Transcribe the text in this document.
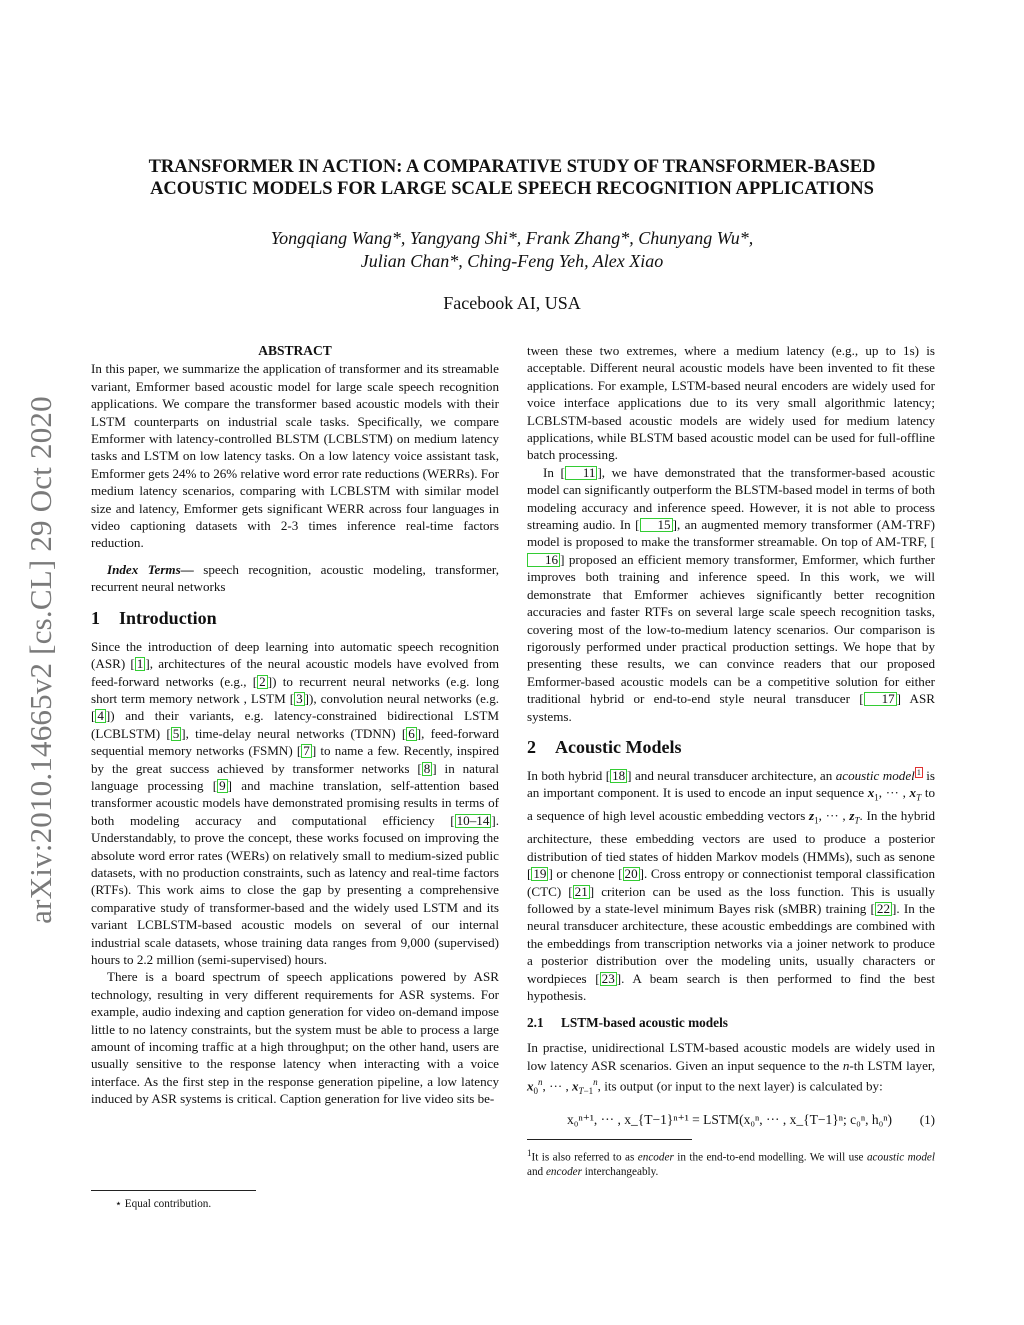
arXiv:2010.14665v2 [cs.CL] 29 Oct 2020
TRANSFORMER IN ACTION: A COMPARATIVE STUDY OF TRANSFORMER-BASED
ACOUSTIC MODELS FOR LARGE SCALE SPEECH RECOGNITION APPLICATIONS
Yongqiang Wang*, Yangyang Shi*, Frank Zhang*, Chunyang Wu*,
Julian Chan*, Ching-Feng Yeh, Alex Xiao
Facebook AI, USA
ABSTRACT

In this paper, we summarize the application of transformer and its streamable variant, Emformer based acoustic model for large scale speech recognition applications. We compare the transformer based acoustic models with their LSTM counterparts on industrial scale tasks. Specifically, we compare Emformer with latency-controlled BLSTM (LCBLSTM) on medium latency tasks and LSTM on low latency tasks. On a low latency voice assistant task, Emformer gets 24% to 26% relative word error rate reductions (WERRs). For medium latency scenarios, comparing with LCBLSTM with similar model size and latency, Emformer gets significant WERR across four languages in video captioning datasets with 2-3 times inference real-time factors reduction.

Index Terms— speech recognition, acoustic modeling, transformer, recurrent neural networks

1 Introduction

Since the introduction of deep learning into automatic speech recognition (ASR) [ 1 ], architectures of the neural acoustic models have evolved from feed-forward networks (e.g., [ 2 ]) to recurrent neural networks (e.g. long short term memory network , LSTM [ 3 ]), convolution neural networks (e.g. [ 4 ]) and their variants, e.g. latency-constrained bidirectional LSTM (LCBLSTM) [ 5 ], time-delay neural networks (TDNN) [ 6 ], feed-forward sequential memory networks (FSMN) [ 7 ] to name a few. Recently, inspired by the great success achieved by transformer networks [ 8 ] in natural language processing [ 9 ] and machine translation, self-attention based transformer acoustic models have demonstrated promising results in terms of both modeling accuracy and computational efficiency [ 10–14 ]. Understandably, to prove the concept, these works focused on improving the absolute word error rates (WERs) on relatively small to medium-sized public datasets, with no production constraints, such as latency and real-time factors (RTFs). This work aims to close the gap by presenting a comprehensive comparative study of transformer-based and the widely used LSTM and its variant LCBLSTM-based acoustic models on several of our internal industrial scale datasets, whose training data ranges from 9,000 (supervised) hours to 2.2 million (semi-supervised) hours.

There is a board spectrum of speech applications powered by ASR technology, resulting in very different requirements for ASR systems. For example, audio indexing and caption generation for video on-demand impose little to no latency constraints, but the system must be able to process a large amount of incoming traffic at a high throughput; on the other hand, users are usually sensitive to the response latency when interacting with a voice interface. As the first step in the response generation pipeline, a low latency induced by ASR systems is critical. Caption generation for live video sits be-

⋆ Equal contribution.

tween these two extremes, where a medium latency (e.g., up to 1s) is acceptable. Different neural acoustic models have been invented to fit these applications. For example, LSTM-based neural encoders are widely used for voice interface applications due to its very small algorithmic latency; LCBLSTM-based acoustic models are widely used for medium latency applications, while BLSTM based acoustic model can be used for full-offline batch processing.

In [ 11 ], we have demonstrated that the transformer-based acoustic model can significantly outperform the BLSTM-based model in terms of both modeling accuracy and inference speed. However, it is not able to process streaming audio. In [ 15 ], an augmented memory transformer (AM-TRF) model is proposed to make the transformer streamable. On top of AM-TRF, [16 ] proposed an efficient memory transformer, Emformer, which further improves both training and inference speed. In this work, we will demonstrate that Emformer achieves significantly better recognition accuracies and faster RTFs on several large scale speech recognition tasks, covering most of the low-to-medium latency scenarios. Our comparison is rigorously performed under practical production settings. We hope that by presenting these results, we can convince readers that our proposed Emformer-based acoustic models can be a competitive solution for either traditional hybrid or end-to-end style neural transducer [ 17 ] ASR systems.

2 Acoustic Models

In both hybrid [ 18 ] and neural transducer architecture, an acoustic model $^1$ is an important component. It is used to encode an input sequence $x_1$, ··· , $x_T$ to a sequence of high level acoustic embedding vectors $z_1$, ··· , $z_T$. In the hybrid architecture, these embedding vectors are used to produce a posterior distribution of tied states of hidden Markov models (HMMs), such as senone [ 19 ] or chenone [ 20 ]. Cross entropy or connectionist temporal classification (CTC) [ 21 ] criterion can be used as the loss function. This is usually followed by a state-level minimum Bayes risk (sMBR) training [ 22 ]. In the neural transducer architecture, these acoustic embeddings are combined with the embeddings from transcription networks via a joiner network to produce a posterior distribution over the modeling units, usually characters or wordpieces [ 23 ]. A beam search is then performed to find the best hypothesis.

2.1 LSTM-based acoustic models

In practise, unidirectional LSTM-based acoustic models are widely used in low latency ASR scenarios. Given an input sequence to the n-th LSTM layer, $x_0^n$, ··· , $x_{T-1}^n$, its output (or input to the next layer) is calculated by:

x₀ⁿ⁺¹, ··· , x_{T−1}ⁿ⁺¹ = LSTM(x₀ⁿ, ··· , x_{T−1}ⁿ; c₀ⁿ, h₀ⁿ) (1)
$^1$It is also referred to as encoder in the end-to-end modelling. We will use acoustic model and encoder interchangeably.
